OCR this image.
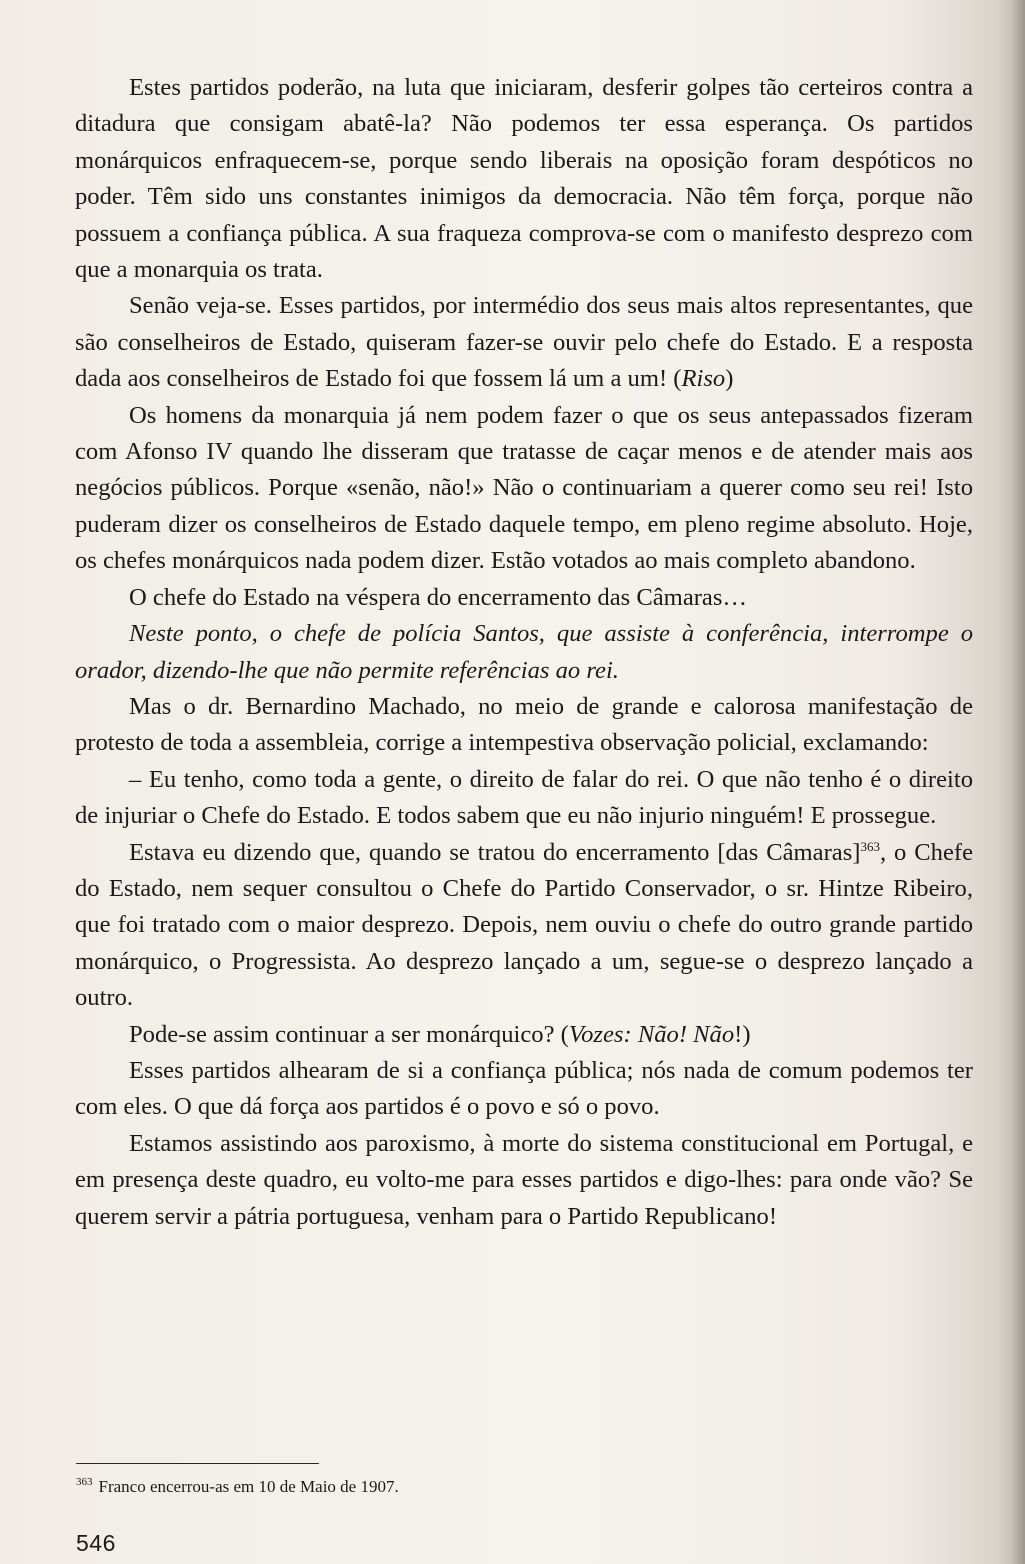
Estes partidos poderão, na luta que iniciaram, desferir golpes tão certeiros contra a ditadura que consigam abatê-la? Não podemos ter essa esperança. Os partidos monárquicos enfraquecem-se, porque sendo liberais na oposição foram despóticos no poder. Têm sido uns constantes inimigos da democracia. Não têm força, porque não possuem a confiança pública. A sua fraqueza comprova-se com o manifesto desprezo com que a monarquia os trata.

Senão veja-se. Esses partidos, por intermédio dos seus mais altos representantes, que são conselheiros de Estado, quiseram fazer-se ouvir pelo chefe do Estado. E a resposta dada aos conselheiros de Estado foi que fossem lá um a um! (Riso)

Os homens da monarquia já nem podem fazer o que os seus antepassados fizeram com Afonso IV quando lhe disseram que tratasse de caçar menos e de atender mais aos negócios públicos. Porque «senão, não!» Não o continuariam a querer como seu rei! Isto puderam dizer os conselheiros de Estado daquele tempo, em pleno regime absoluto. Hoje, os chefes monárquicos nada podem dizer. Estão votados ao mais completo abandono.

O chefe do Estado na véspera do encerramento das Câmaras…

Neste ponto, o chefe de polícia Santos, que assiste à conferência, interrompe o orador, dizendo-lhe que não permite referências ao rei.

Mas o dr. Bernardino Machado, no meio de grande e calorosa manifestação de protesto de toda a assembleia, corrige a intempestiva observação policial, exclamando:

– Eu tenho, como toda a gente, o direito de falar do rei. O que não tenho é o direito de injuriar o Chefe do Estado. E todos sabem que eu não injurio ninguém! E prossegue.

Estava eu dizendo que, quando se tratou do encerramento [das Câmaras]$^{363}$, o Chefe do Estado, nem sequer consultou o Chefe do Partido Conservador, o sr. Hintze Ribeiro, que foi tratado com o maior desprezo. Depois, nem ouviu o chefe do outro grande partido monárquico, o Progressista. Ao desprezo lançado a um, segue-se o desprezo lançado a outro.

Pode-se assim continuar a ser monárquico? (Vozes: Não! Não!)

Esses partidos alhearam de si a confiança pública; nós nada de comum podemos ter com eles. O que dá força aos partidos é o povo e só o povo.

Estamos assistindo aos paroxismo, à morte do sistema constitucional em Portugal, e em presença deste quadro, eu volto-me para esses partidos e digo-lhes: para onde vão? Se querem servir a pátria portuguesa, venham para o Partido Republicano!

$^{363}$ Franco encerrou-as em 10 de Maio de 1907.
546
